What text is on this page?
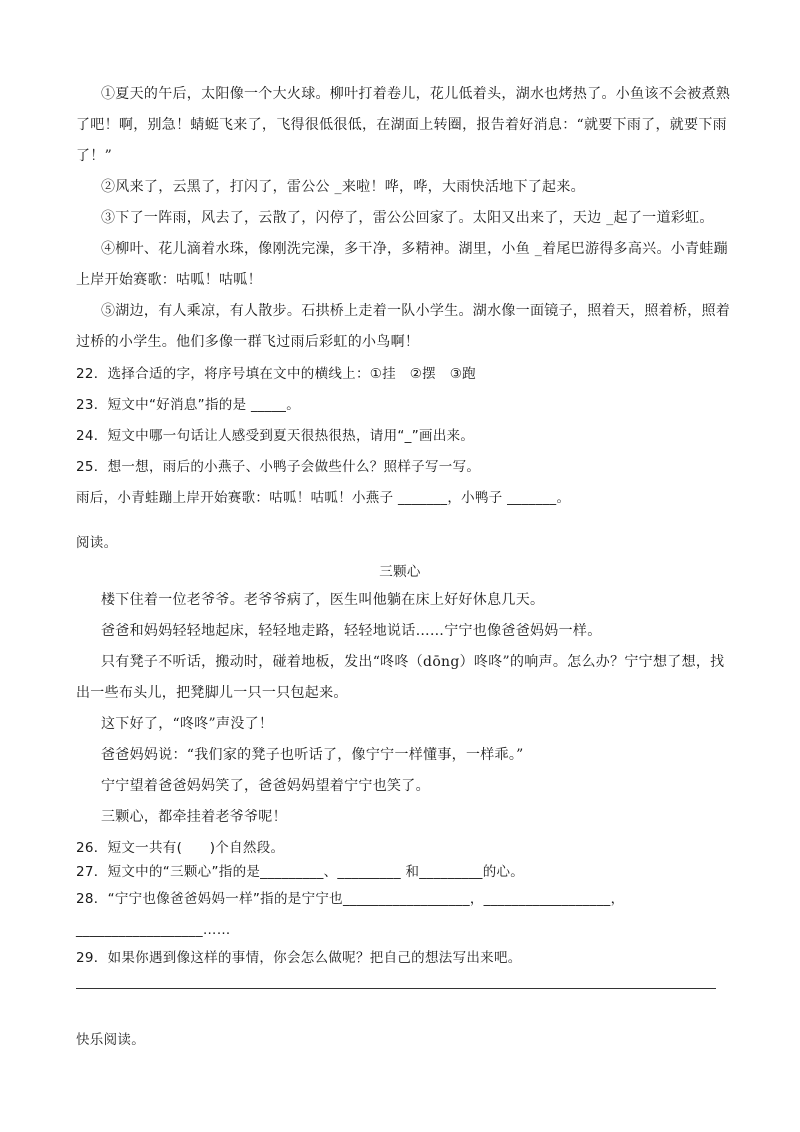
①夏天的午后，太阳像一个大火球。柳叶打着卷儿，花儿低着头，湖水也烤热了。小鱼该不会被煮熟
了吧！啊，别急！蜻蜓飞来了，飞得很低很低，在湖面上转圈，报告着好消息：“就要下雨了，就要下雨
了！”
②风来了，云黑了，打闪了，雷公公 _来啦！哗，哗，大雨快活地下了起来。
③下了一阵雨，风去了，云散了，闪停了，雷公公回家了。太阳又出来了，天边 _起了一道彩虹。
④柳叶、花儿滴着水珠，像刚洗完澡，多干净，多精神。湖里，小鱼 _着尾巴游得多高兴。小青蛙蹦
上岸开始赛歌：咕呱！咕呱！
⑤湖边，有人乘凉，有人散步。石拱桥上走着一队小学生。湖水像一面镜子，照着天，照着桥，照着
过桥的小学生。他们多像一群飞过雨后彩虹的小鸟啊！
22．选择合适的字，将序号填在文中的横线上：①挂　②摆　③跑
23．短文中“好消息”指的是 _____。
24．短文中哪一句话让人感受到夏天很热很热，请用“_”画出来。
25．想一想，雨后的小燕子、小鸭子会做些什么？照样子写一写。
雨后，小青蛙蹦上岸开始赛歌：咕呱！咕呱！小燕子 _______，小鸭子 _______。
阅读。
三颗心
楼下住着一位老爷爷。老爷爷病了，医生叫他躺在床上好好休息几天。
爸爸和妈妈轻轻地起床，轻轻地走路，轻轻地说话……宁宁也像爸爸妈妈一样。
只有凳子不听话，搬动时，碰着地板，发出“咚咚（dōng）咚咚”的响声。怎么办？宁宁想了想，找
出一些布头儿，把凳脚儿一只一只包起来。
这下好了，“咚咚”声没了！
爸爸妈妈说：“我们家的凳子也听话了，像宁宁一样懂事，一样乖。”
宁宁望着爸爸妈妈笑了，爸爸妈妈望着宁宁也笑了。
三颗心，都牵挂着老爷爷呢！
26．短文一共有(　　)个自然段。
27．短文中的“三颗心”指的是_________、_________ 和_________的心。
28．“宁宁也像爸爸妈妈一样”指的是宁宁也__________________，__________________，
__________________……
29．如果你遇到像这样的事情，你会怎么做呢？把自己的想法写出来吧。
快乐阅读。
